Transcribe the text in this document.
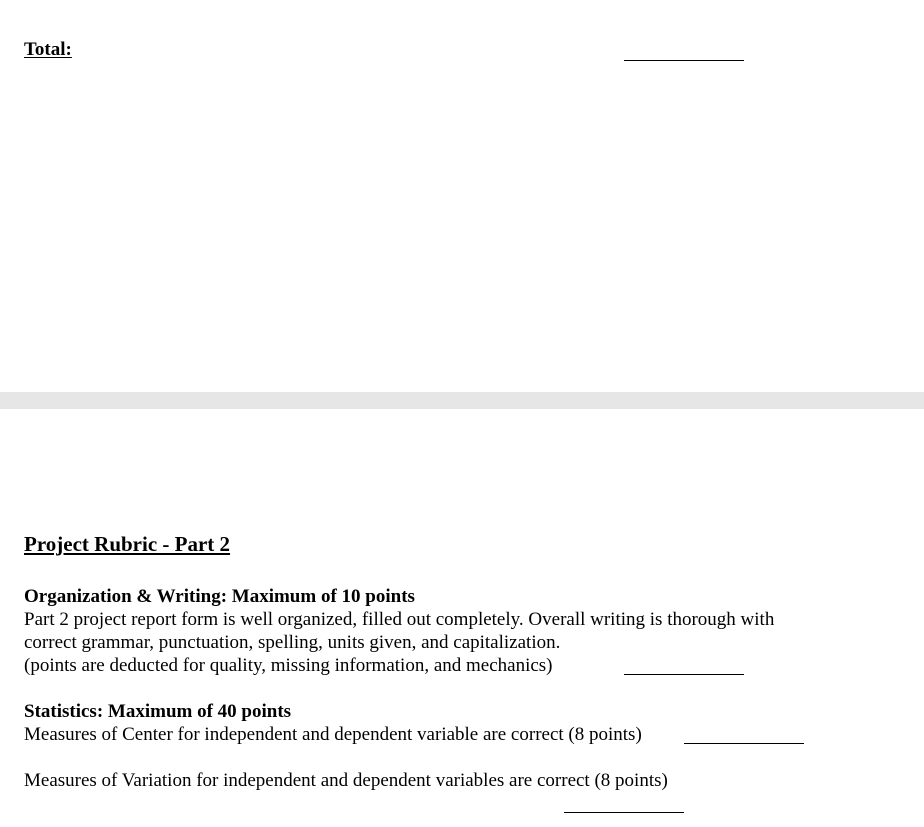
Total:
Project Rubric - Part 2
Organization & Writing: Maximum of 10 points
Part 2 project report form is well organized, filled out completely. Overall writing is thorough with
correct grammar, punctuation, spelling, units given, and capitalization.
(points are deducted for quality, missing information, and mechanics)
Statistics: Maximum of 40 points
Measures of Center for independent and dependent variable are correct (8 points)
Measures of Variation for independent and dependent variables are correct (8 points)
